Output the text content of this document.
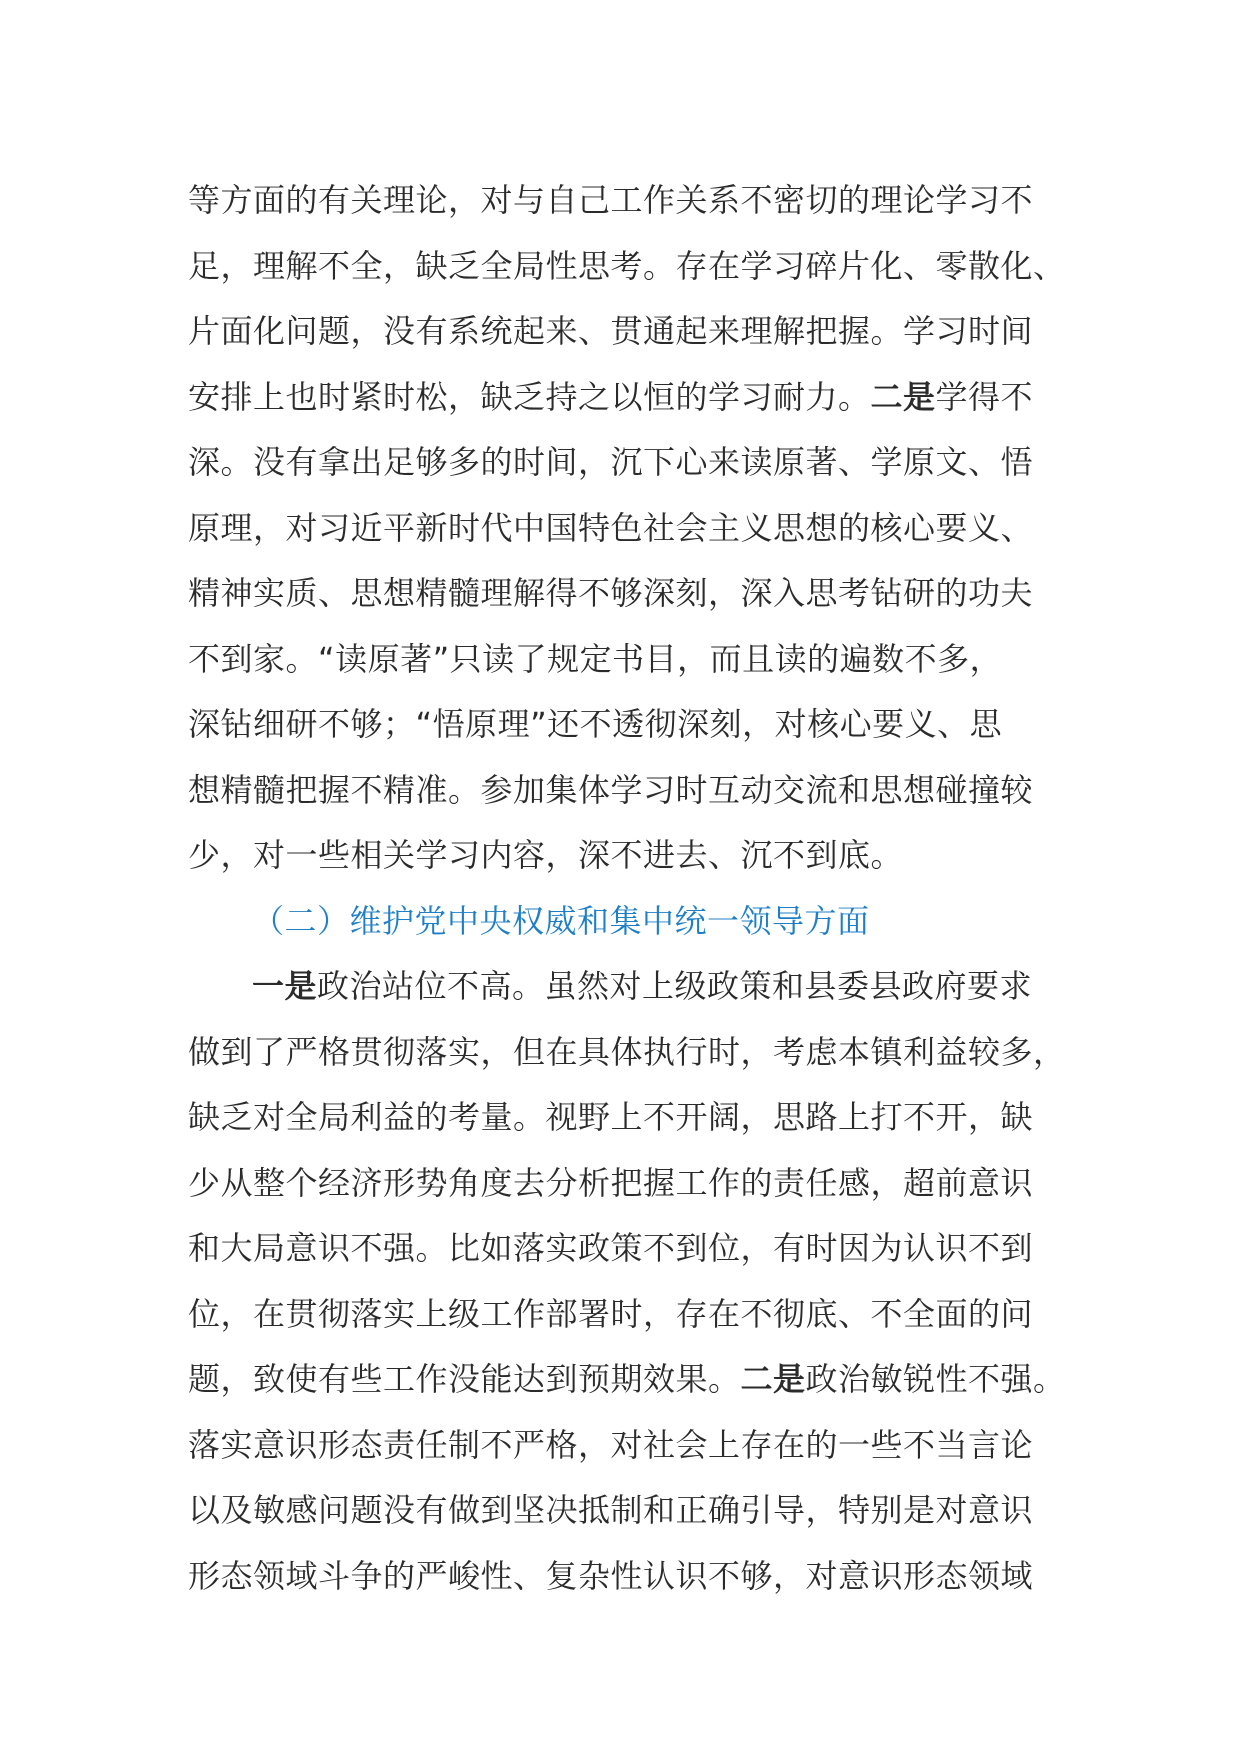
等方面的有关理论，对与自己工作关系不密切的理论学习不
足，理解不全，缺乏全局性思考。存在学习碎片化、零散化、
片面化问题，没有系统起来、贯通起来理解把握。学习时间
安排上也时紧时松，缺乏持之以恒的学习耐力。二是学得不
深。没有拿出足够多的时间，沉下心来读原著、学原文、悟
原理，对习近平新时代中国特色社会主义思想的核心要义、
精神实质、思想精髓理解得不够深刻，深入思考钻研的功夫
不到家。“读原著”只读了规定书目，而且读的遍数不多，
深钻细研不够；“悟原理”还不透彻深刻，对核心要义、思
想精髓把握不精准。参加集体学习时互动交流和思想碰撞较
少，对一些相关学习内容，深不进去、沉不到底。
（二）维护党中央权威和集中统一领导方面
一是政治站位不高。虽然对上级政策和县委县政府要求
做到了严格贯彻落实，但在具体执行时，考虑本镇利益较多，
缺乏对全局利益的考量。视野上不开阔，思路上打不开，缺
少从整个经济形势角度去分析把握工作的责任感，超前意识
和大局意识不强。比如落实政策不到位，有时因为认识不到
位，在贯彻落实上级工作部署时，存在不彻底、不全面的问
题，致使有些工作没能达到预期效果。二是政治敏锐性不强。
落实意识形态责任制不严格，对社会上存在的一些不当言论
以及敏感问题没有做到坚决抵制和正确引导，特别是对意识
形态领域斗争的严峻性、复杂性认识不够，对意识形态领域
